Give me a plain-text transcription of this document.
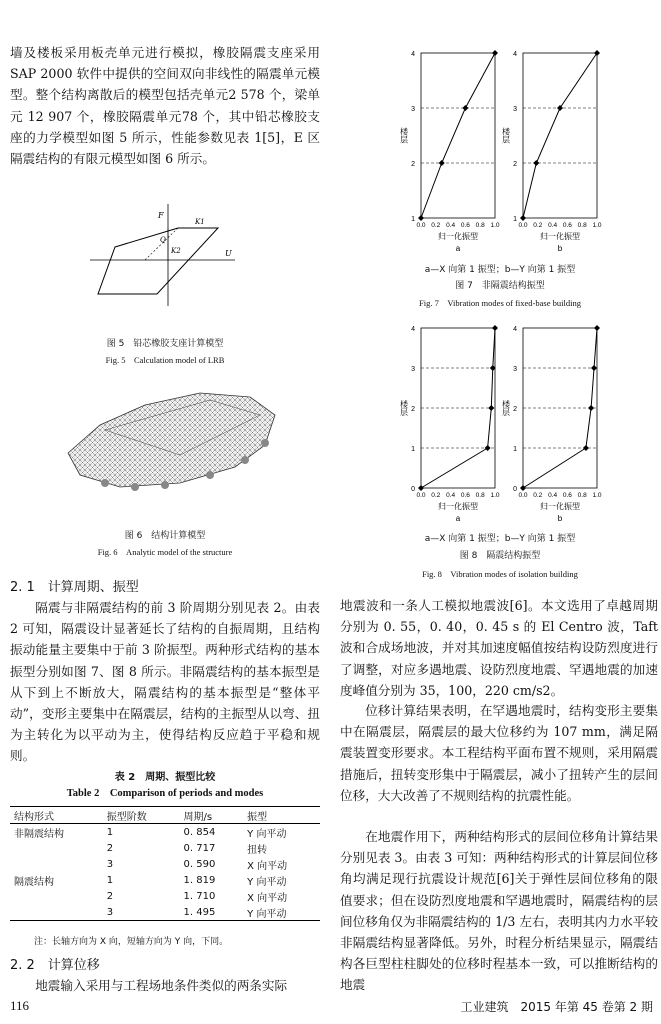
墙及楼板采用板壳单元进行模拟，橡胶隔震支座采用 SAP 2000 软件中提供的空间双向非线性的隔震单元模型。整个结构离散后的模型包括壳单元2 578 个，梁单元 12 907 个，橡胶隔震单元78 个，其中铅芯橡胶支座的力学模型如图 5 所示，性能参数见表 1[5]，E 区隔震结构的有限元模型如图 6 所示。
F
U
Q
K1
K2
图 5　铅芯橡胶支座计算模型
Fig. 5　Calculation model of LRB
图 6　结构计算模型
Fig. 6　Analytic model of the structure
2. 1　计算周期、振型
隔震与非隔震结构的前 3 阶周期分别见表 2。由表 2 可知，隔震设计显著延长了结构的自振周期，且结构振动能量主要集中于前 3 阶振型。两种形式结构的基本振型分别如图 7、图 8 所示。非隔震结构的基本振型是从下到上不断放大，隔震结构的基本振型是“整体平动”，变形主要集中在隔震层，结构的主振型从以弯、扭为主转化为以平动为主，使得结构反应趋于平稳和规则。
表 2　周期、振型比较
Table 2　Comparison of periods and modes
结构形式	振型阶数	周期/s	振型
非隔震结构	1	0. 854	Y 向平动
	2	0. 717	扭转
	3	0. 590	X 向平动
隔震结构	1	1. 819	Y 向平动
	2	1. 710	X 向平动
	3	1. 495	Y 向平动
注：长轴方向为 X 向，短轴方向为 Y 向，下同。
2. 2　计算位移
地震输入采用与工程场地条件类似的两条实际
1
2
3
4
0.0 0.2 0.4 0.6 0.8 1.0
楼层
归一化振型
a
1
2
3
4
0.0 0.2 0.4 0.6 0.8 1.0
楼层
归一化振型
b
a—X 向第 1 振型；b—Y 向第 1 振型
图 7　非隔震结构振型
Fig. 7　Vibration modes of fixed-base building
0
1
2
3
4
0.0 0.2 0.4 0.6 0.8 1.0
楼层
归一化振型
a
0
1
2
3
4
0.0 0.2 0.4 0.6 0.8 1.0
楼层
归一化振型
b
a—X 向第 1 振型；b—Y 向第 1 振型
图 8　隔震结构振型
Fig. 8　Vibration modes of isolation building
地震波和一条人工模拟地震波[6]。本文选用了卓越周期分别为 0. 55，0. 40，0. 45 s 的 El Centro 波，Taft 波和合成场地波，并对其加速度幅值按结构设防烈度进行了调整，对应多遇地震、设防烈度地震、罕遇地震的加速度峰值分别为 35，100，220 cm/s2。
位移计算结果表明，在罕遇地震时，结构变形主要集中在隔震层，隔震层的最大位移约为 107 mm，满足隔震装置变形要求。本工程结构平面布置不规则，采用隔震措施后，扭转变形集中于隔震层，减小了扭转产生的层间位移，大大改善了不规则结构的抗震性能。
在地震作用下，两种结构形式的层间位移角计算结果分别见表 3。由表 3 可知：两种结构形式的计算层间位移角均满足现行抗震设计规范[6]关于弹性层间位移角的限值要求；但在设防烈度地震和罕遇地震时，隔震结构的层间位移角仅为非隔震结构的 1/3 左右，表明其内力水平较非隔震结构显著降低。另外，时程分析结果显示，隔震结构各巨型柱柱脚处的位移时程基本一致，可以推断结构的地震
116	工业建筑　2015 年第 45 卷第 2 期
